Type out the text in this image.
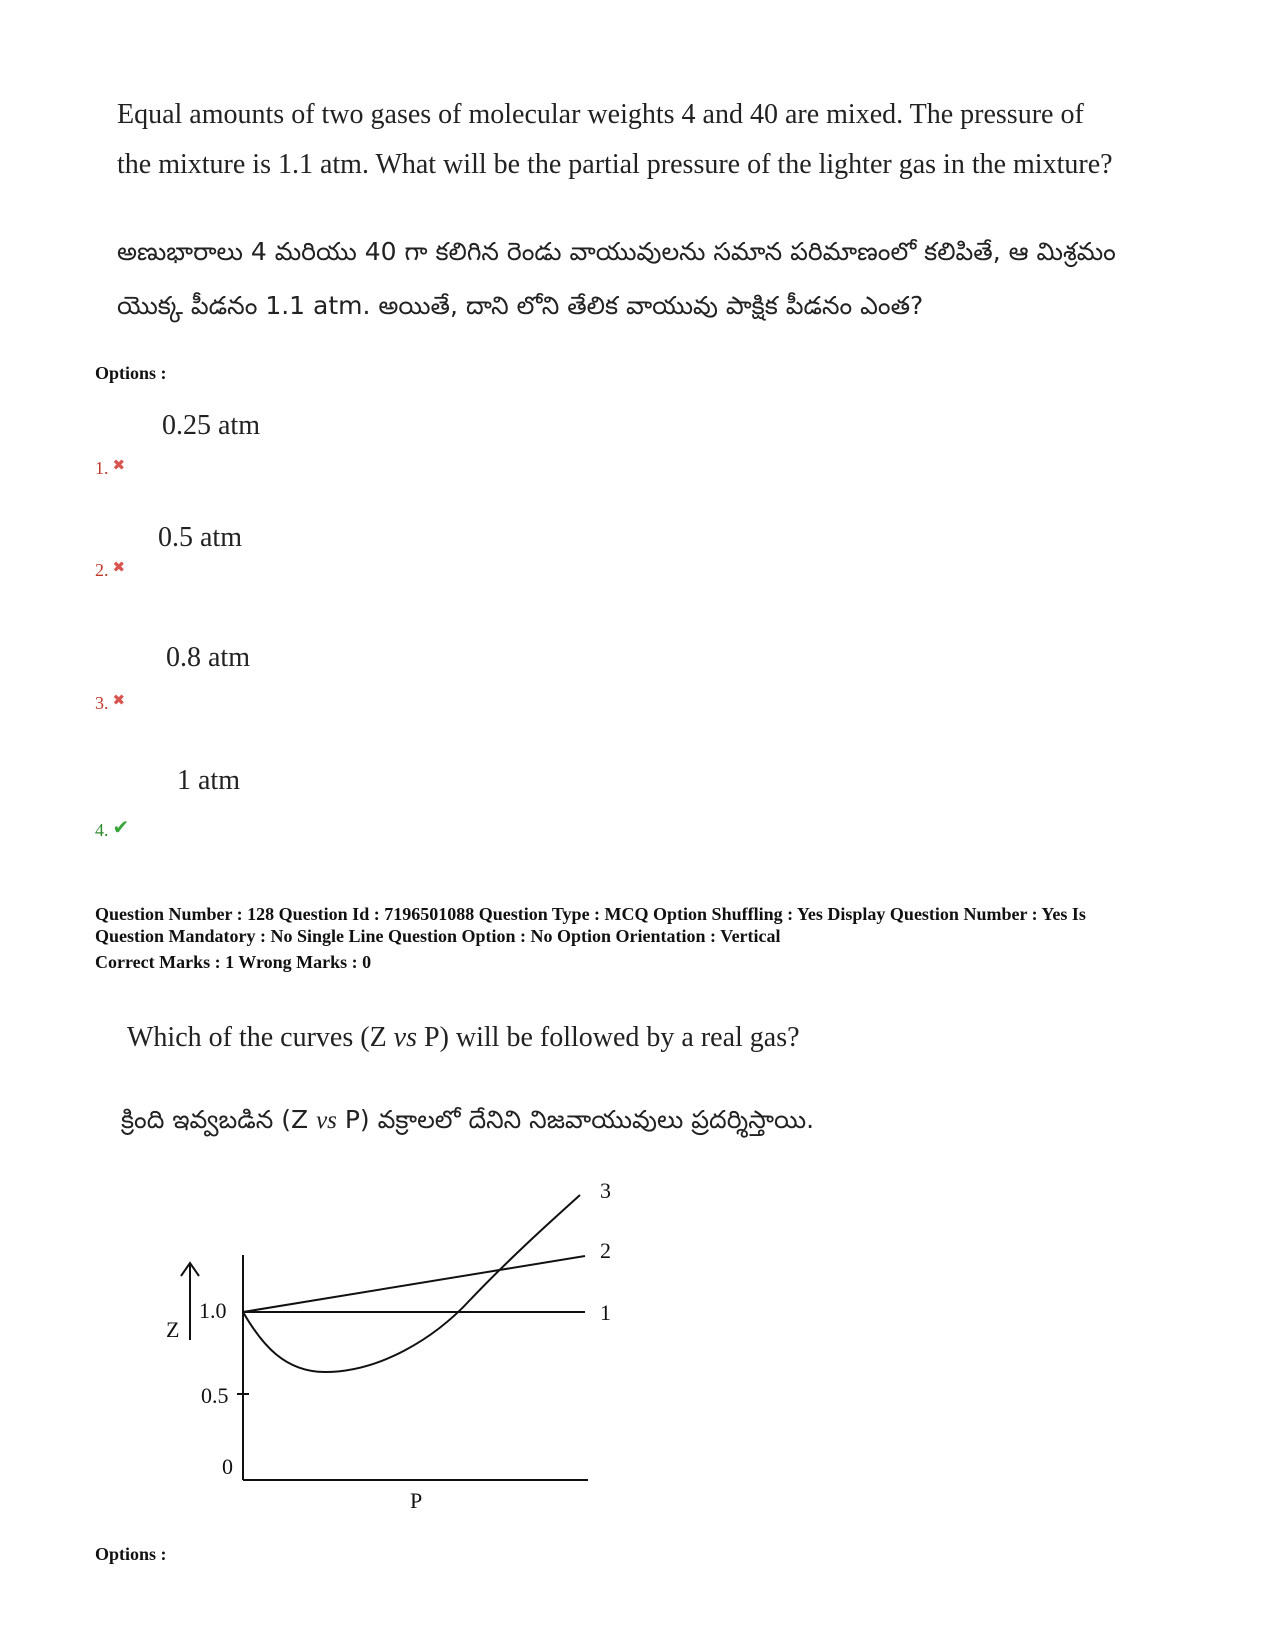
Equal amounts of two gases of molecular weights 4 and 40 are mixed. The pressure of
the mixture is 1.1 atm. What will be the partial pressure of the lighter gas in the mixture?
అణుభారాలు 4 మరియు 40 గా కలిగిన రెండు వాయువులను సమాన పరిమాణంలో కలిపితే, ఆ మిశ్రమం
యొక్క పీడనం 1.1 atm. అయితే, దాని లోని తేలిక వాయువు పాక్షిక పీడనం ఎంత?
Options :
0.25 atm
1. ✖
0.5 atm
2. ✖
0.8 atm
3. ✖
1 atm
4. ✔
Question Number : 128 Question Id : 7196501088 Question Type : MCQ Option Shuffling : Yes Display Question Number : Yes Is
Question Mandatory : No Single Line Question Option : No Option Orientation : Vertical
Correct Marks : 1 Wrong Marks : 0
Which of the curves (Z vs P) will be followed by a real gas?
క్రింది ఇవ్వబడిన (Z vs P) వక్రాలలో దేనిని నిజవాయువులు ప్రదర్శిస్తాయి.
Z
1.0
0.5
0
P
3
2
1
Options :
